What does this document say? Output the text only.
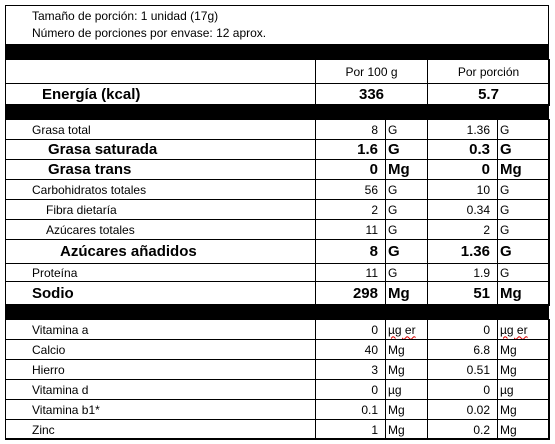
Tamaño de porción: 1 unidad (17g)
Número de porciones por envase: 12 aprox.
	Por 100 g	Por porción
Energía (kcal)	336	5.7
Grasa total	8	G	1.36	G
Grasa saturada	1.6	G	0.3	G
Grasa trans	0	Mg	0	Mg
Carbohidratos totales	56	G	10	G
Fibra dietaría	2	G	0.34	G
Azúcares totales	11	G	2	G
Azúcares añadidos	8	G	1.36	G
Proteína	11	G	1.9	G
Sodio	298	Mg	51	Mg
Vitamina a	0	µg er	0	µg er
Calcio	40	Mg	6.8	Mg
Hierro	3	Mg	0.51	Mg
Vitamina d	0	µg	0	µg
Vitamina b1*	0.1	Mg	0.02	Mg
Zinc	1	Mg	0.2	Mg
